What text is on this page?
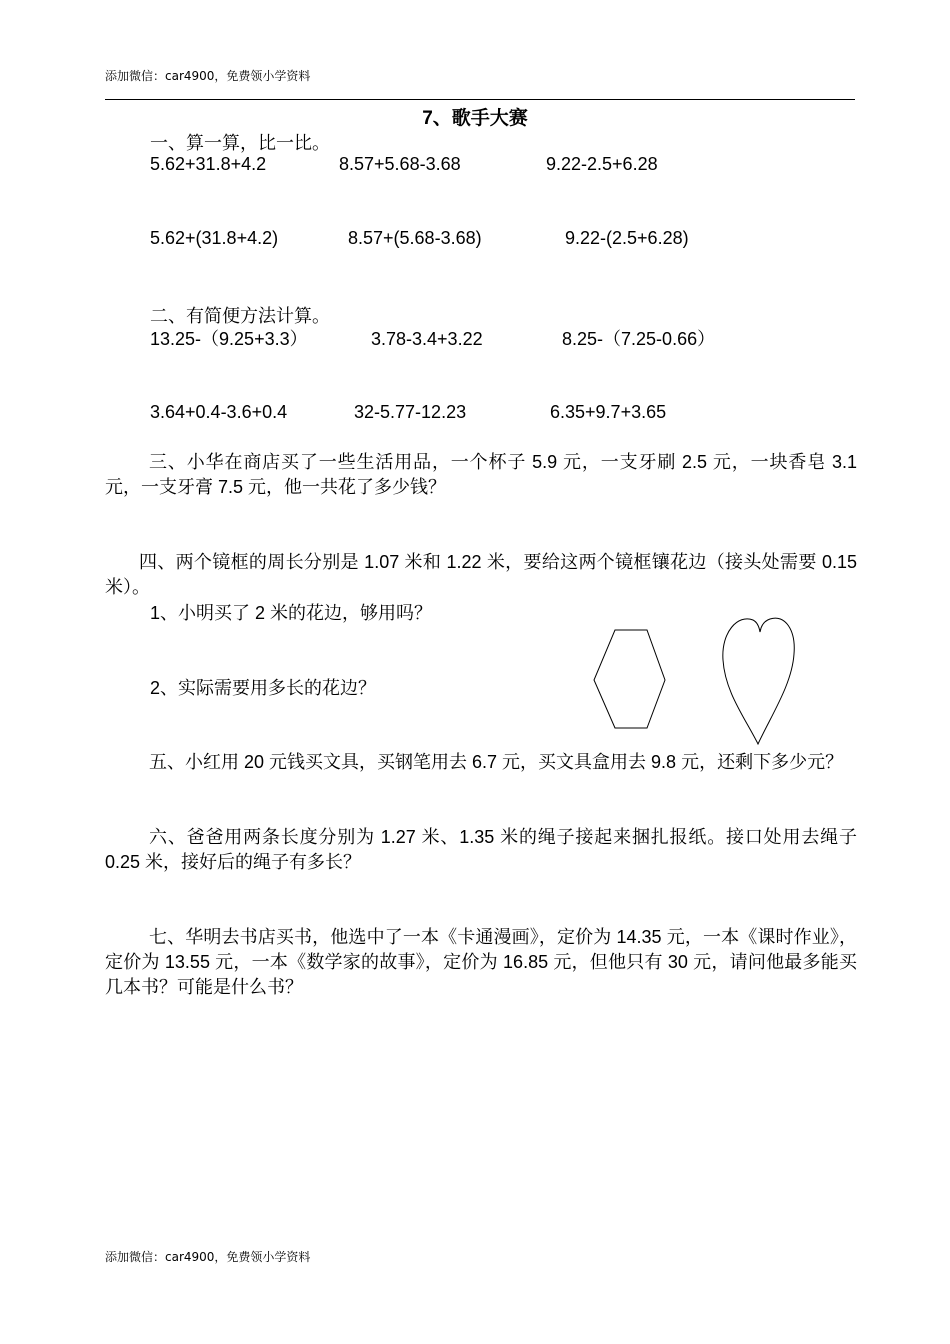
添加微信：car4900，免费领小学资料
7、歌手大赛
一、算一算，比一比。
5.62+31.8+4.2	8.57+5.68-3.68	9.22-2.5+6.28
5.62+(31.8+4.2)	8.57+(5.68-3.68)	9.22-(2.5+6.28)
二、有简便方法计算。
13.25-（9.25+3.3）	3.78-3.4+3.22	8.25-（7.25-0.66）
3.64+0.4-3.6+0.4	32-5.77-12.23	6.35+9.7+3.65
三、小华在商店买了一些生活用品，一个杯子 5.9 元，一支牙刷 2.5 元，一块香皂 3.1 元，一支牙膏 7.5 元，他一共花了多少钱？
四、两个镜框的周长分别是 1.07 米和 1.22 米，要给这两个镜框镶花边（接头处需要 0.15 米）。
1、小明买了 2 米的花边，够用吗？
2、实际需要用多长的花边？
五、小红用 20 元钱买文具，买钢笔用去 6.7 元，买文具盒用去 9.8 元，还剩下多少元？
六、爸爸用两条长度分别为 1.27 米、1.35 米的绳子接起来捆扎报纸。接口处用去绳子 0.25 米，接好后的绳子有多长？
七、华明去书店买书，他选中了一本《卡通漫画》，定价为 14.35 元，一本《课时作业》，定价为 13.55 元，一本《数学家的故事》，定价为 16.85 元，但他只有 30 元，请问他最多能买几本书？可能是什么书？
添加微信：car4900，免费领小学资料
